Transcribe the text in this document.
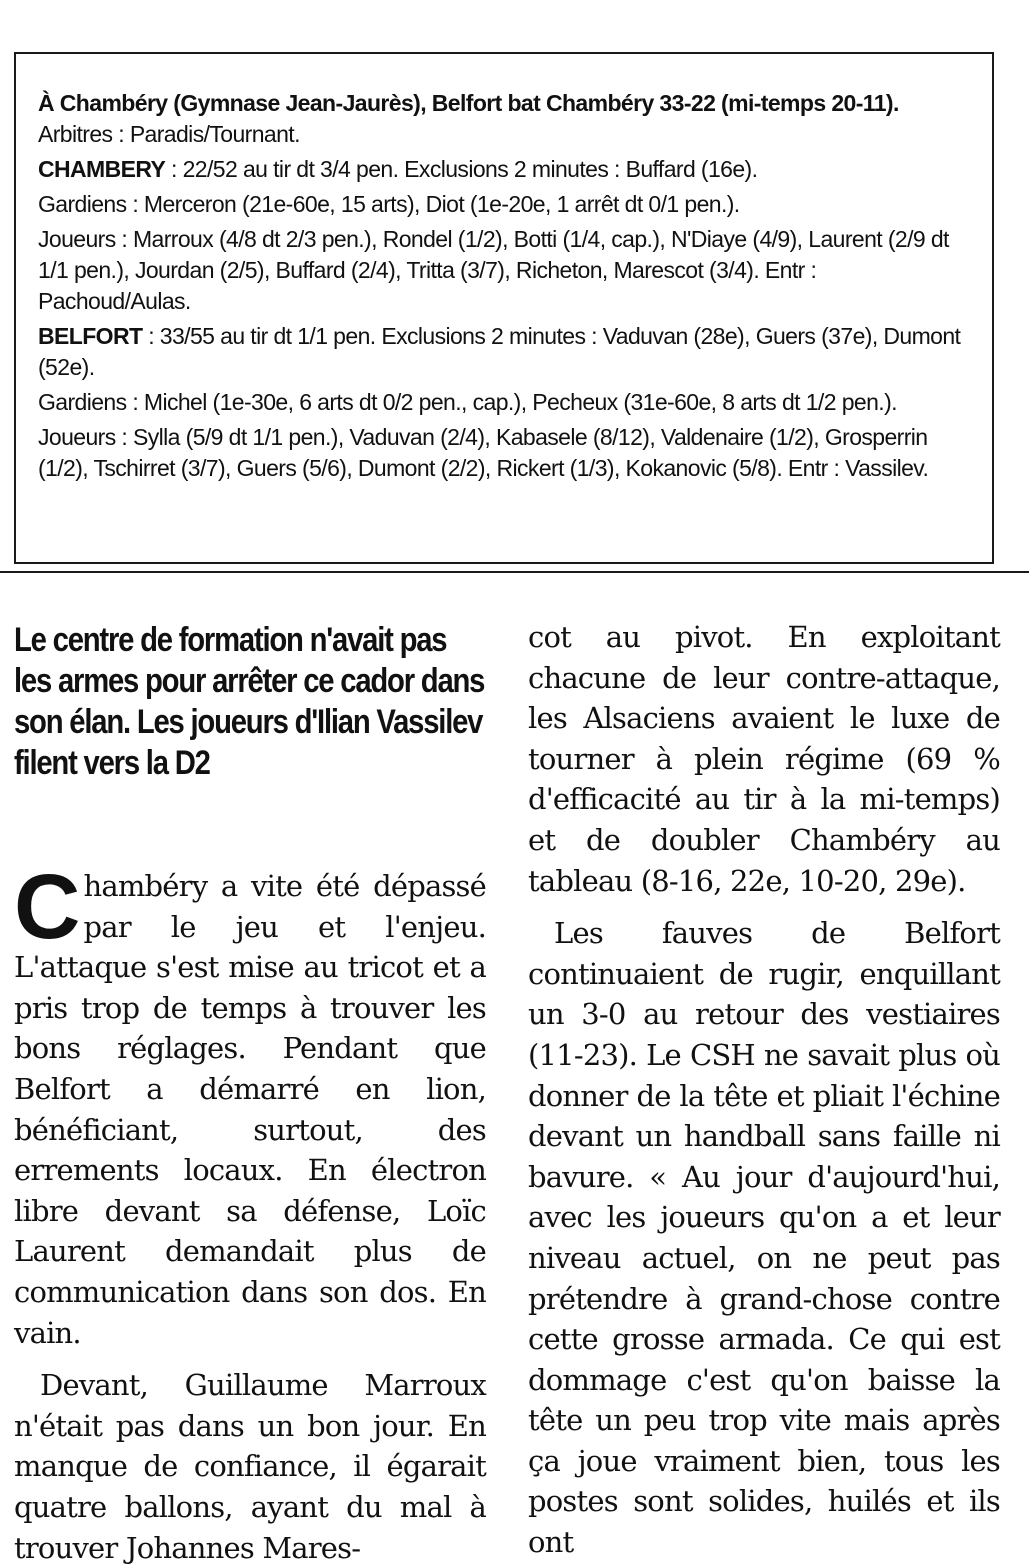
À Chambéry (Gymnase Jean-Jaurès), Belfort bat Chambéry 33-22 (mi-temps 20-11). Arbitres : Paradis/Tournant.

CHAMBERY : 22/52 au tir dt 3/4 pen. Exclusions 2 minutes : Buffard (16e).

Gardiens : Merceron (21e-60e, 15 arts), Diot (1e-20e, 1 arrêt dt 0/1 pen.).

Joueurs : Marroux (4/8 dt 2/3 pen.), Rondel (1/2), Botti (1/4, cap.), N'Diaye (4/9), Laurent (2/9 dt 1/1 pen.), Jourdan (2/5), Buffard (2/4), Tritta (3/7), Richeton, Marescot (3/4). Entr : Pachoud/Aulas.

BELFORT : 33/55 au tir dt 1/1 pen. Exclusions 2 minutes : Vaduvan (28e), Guers (37e), Dumont (52e).

Gardiens : Michel (1e-30e, 6 arts dt 0/2 pen., cap.), Pecheux (31e-60e, 8 arts dt 1/2 pen.).

Joueurs : Sylla (5/9 dt 1/1 pen.), Vaduvan (2/4), Kabasele (8/12), Valdenaire (1/2), Grosperrin (1/2), Tschirret (3/7), Guers (5/6), Dumont (2/2), Rickert (1/3), Kokanovic (5/8). Entr : Vassilev.

Le centre de formation n'avait pas les armes pour arrêter ce cador dans son élan. Les joueurs d'Ilian Vassilev filent vers la D2

Chambéry a vite été dépassé par le jeu et l'enjeu. L'attaque s'est mise au tricot et a pris trop de temps à trouver les bons réglages. Pendant que Belfort a démarré en lion, bénéficiant, surtout, des errements locaux. En électron libre devant sa défense, Loïc Laurent demandait plus de communication dans son dos. En vain.

Devant, Guillaume Marroux n'était pas dans un bon jour. En manque de confiance, il égarait quatre ballons, ayant du mal à trouver Johannes Mares-

cot au pivot. En exploitant chacune de leur contre-attaque, les Alsaciens avaient le luxe de tourner à plein régime (69 % d'efficacité au tir à la mi-temps) et de doubler Chambéry au tableau (8-16, 22e, 10-20, 29e).

Les fauves de Belfort continuaient de rugir, enquillant un 3-0 au retour des vestiaires (11-23). Le CSH ne savait plus où donner de la tête et pliait l'échine devant un handball sans faille ni bavure. « Au jour d'aujourd'hui, avec les joueurs qu'on a et leur niveau actuel, on ne peut pas prétendre à grand-chose contre cette grosse armada. Ce qui est dommage c'est qu'on baisse la tête un peu trop vite mais après ça joue vraiment bien, tous les postes sont solides, huilés et ils ont
